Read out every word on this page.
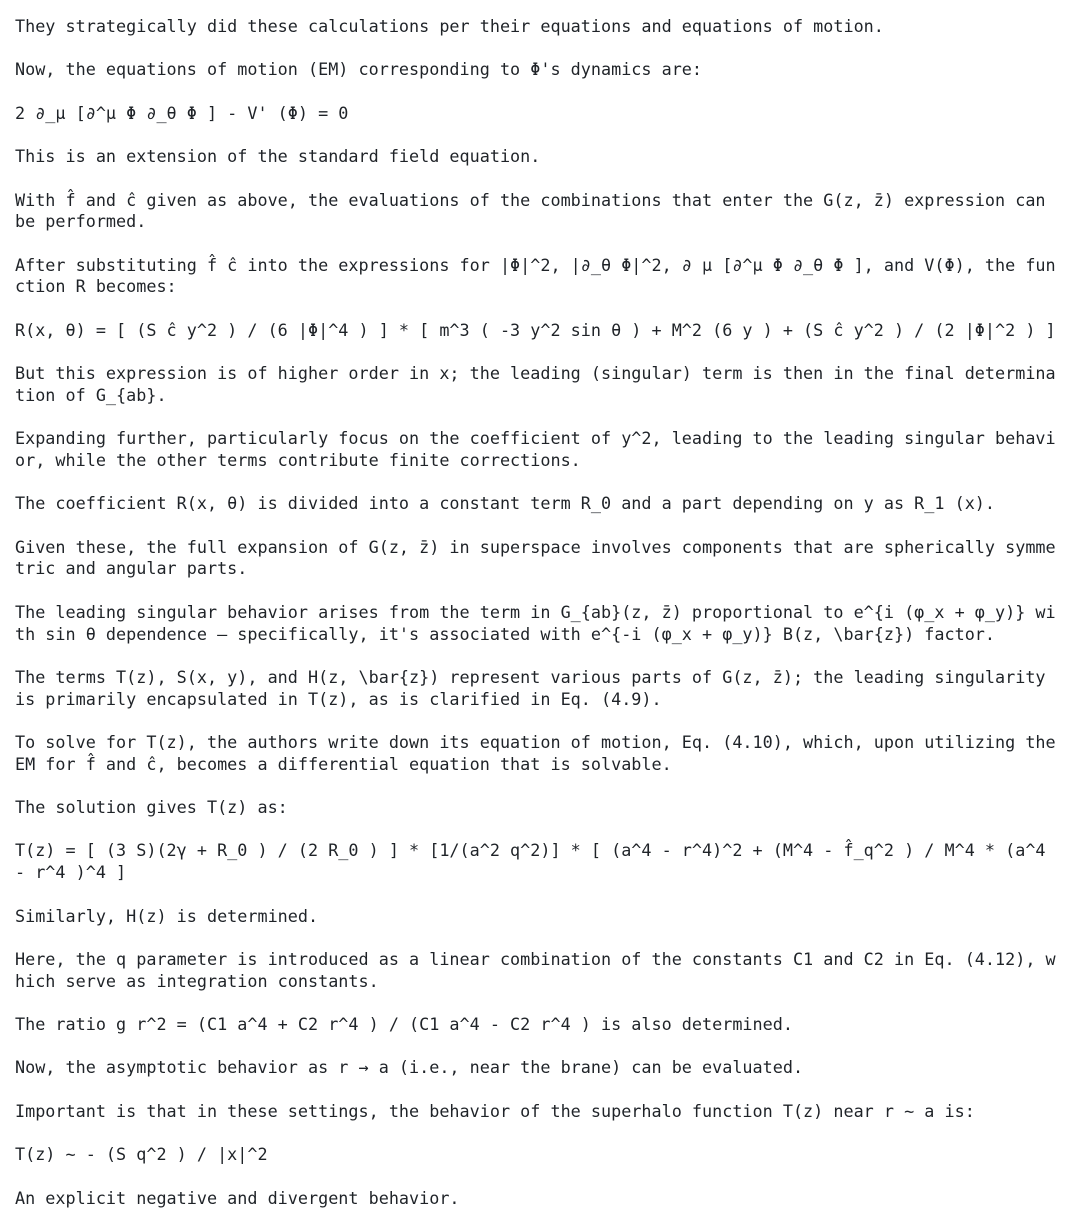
They strategically did these calculations per their equations and equations of motion.

Now, the equations of motion (EM) corresponding to Φ's dynamics are:

2 ∂_μ [∂^μ Φ ∂_θ Φ ] - V' (Φ) = 0

This is an extension of the standard field equation.

With f̂ and ĉ given as above, the evaluations of the combinations that enter the G(z, z̄) expression can be performed.

After substituting f̂ ĉ into the expressions for |Φ|^2, |∂_θ Φ|^2, ∂ μ [∂^μ Φ ∂_θ Φ ], and V(Φ), the function R becomes:

R(x, θ) = [ (S ĉ y^2 ) / (6 |Φ|^4 ) ] * [ m^3 ( -3 y^2 sin θ ) + M^2 (6 y ) + (S ĉ y^2 ) / (2 |Φ|^2 ) ]

But this expression is of higher order in x; the leading (singular) term is then in the final determination of G_{ab}.

Expanding further, particularly focus on the coefficient of y^2, leading to the leading singular behavior, while the other terms contribute finite corrections.

The coefficient R(x, θ) is divided into a constant term R_0 and a part depending on y as R_1 (x).

Given these, the full expansion of G(z, z̄) in superspace involves components that are spherically symmetric and angular parts.

The leading singular behavior arises from the term in G_{ab}(z, z̄) proportional to e^{i (φ_x + φ_y)} with sin θ dependence — specifically, it's associated with e^{-i (φ_x + φ_y)} B(z, \bar{z}) factor.

The terms T(z), S(x, y), and H(z, \bar{z}) represent various parts of G(z, z̄); the leading singularity is primarily encapsulated in T(z), as is clarified in Eq. (4.9).

To solve for T(z), the authors write down its equation of motion, Eq. (4.10), which, upon utilizing the EM for f̂ and ĉ, becomes a differential equation that is solvable.

The solution gives T(z) as:

T(z) = [ (3 S)(2γ + R_0 ) / (2 R_0 ) ] * [1/(a^2 q^2)] * [ (a^4 - r^4)^2 + (M^4 - f̂_q^2 ) / M^4 * (a^4 - r^4 )^4 ]

Similarly, H(z) is determined.

Here, the q parameter is introduced as a linear combination of the constants C1 and C2 in Eq. (4.12), which serve as integration constants.

The ratio g r^2 = (C1 a^4 + C2 r^4 ) / (C1 a^4 - C2 r^4 ) is also determined.

Now, the asymptotic behavior as r → a (i.e., near the brane) can be evaluated.

Important is that in these settings, the behavior of the superhalo function T(z) near r ~ a is:

T(z) ~ - (S q^2 ) / |x|^2

An explicit negative and divergent behavior.
